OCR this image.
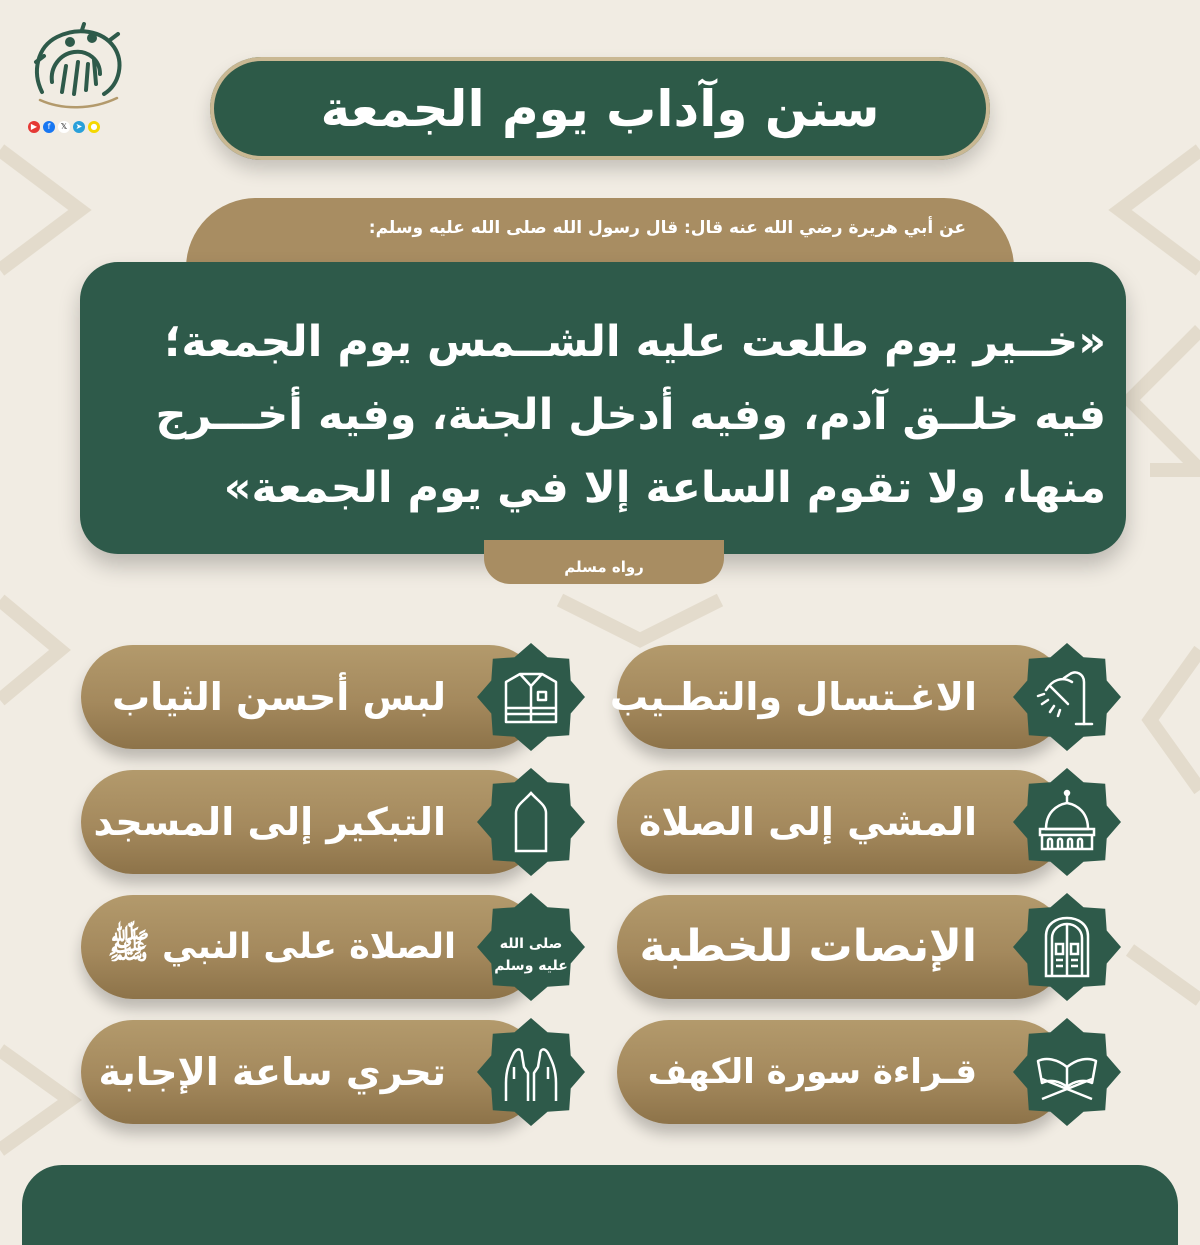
▶	f	𝕏	➤	●	سنن وآداب يوم الجمعة
عن أبي هريرة رضي الله عنه قال: قال رسول الله صلى الله عليه وسلم:
«خــير يوم طلعت عليه الشــمس يوم الجمعة؛
فيه خلــق آدم، وفيه أدخل الجنة، وفيه أخـــرج
منها، ولا تقوم الساعة إلا في يوم الجمعة»
رواه مسلم
الاغـتسال والتطـيب
المشي إلى الصلاة
الإنصات للخطبة
قـراءة سورة الكهف
لبس أحسن الثياب
التبكير إلى المسجد
الصلاة على النبي ﷺ
تحري ساعة الإجابة
صلى الله عليه وسلم
